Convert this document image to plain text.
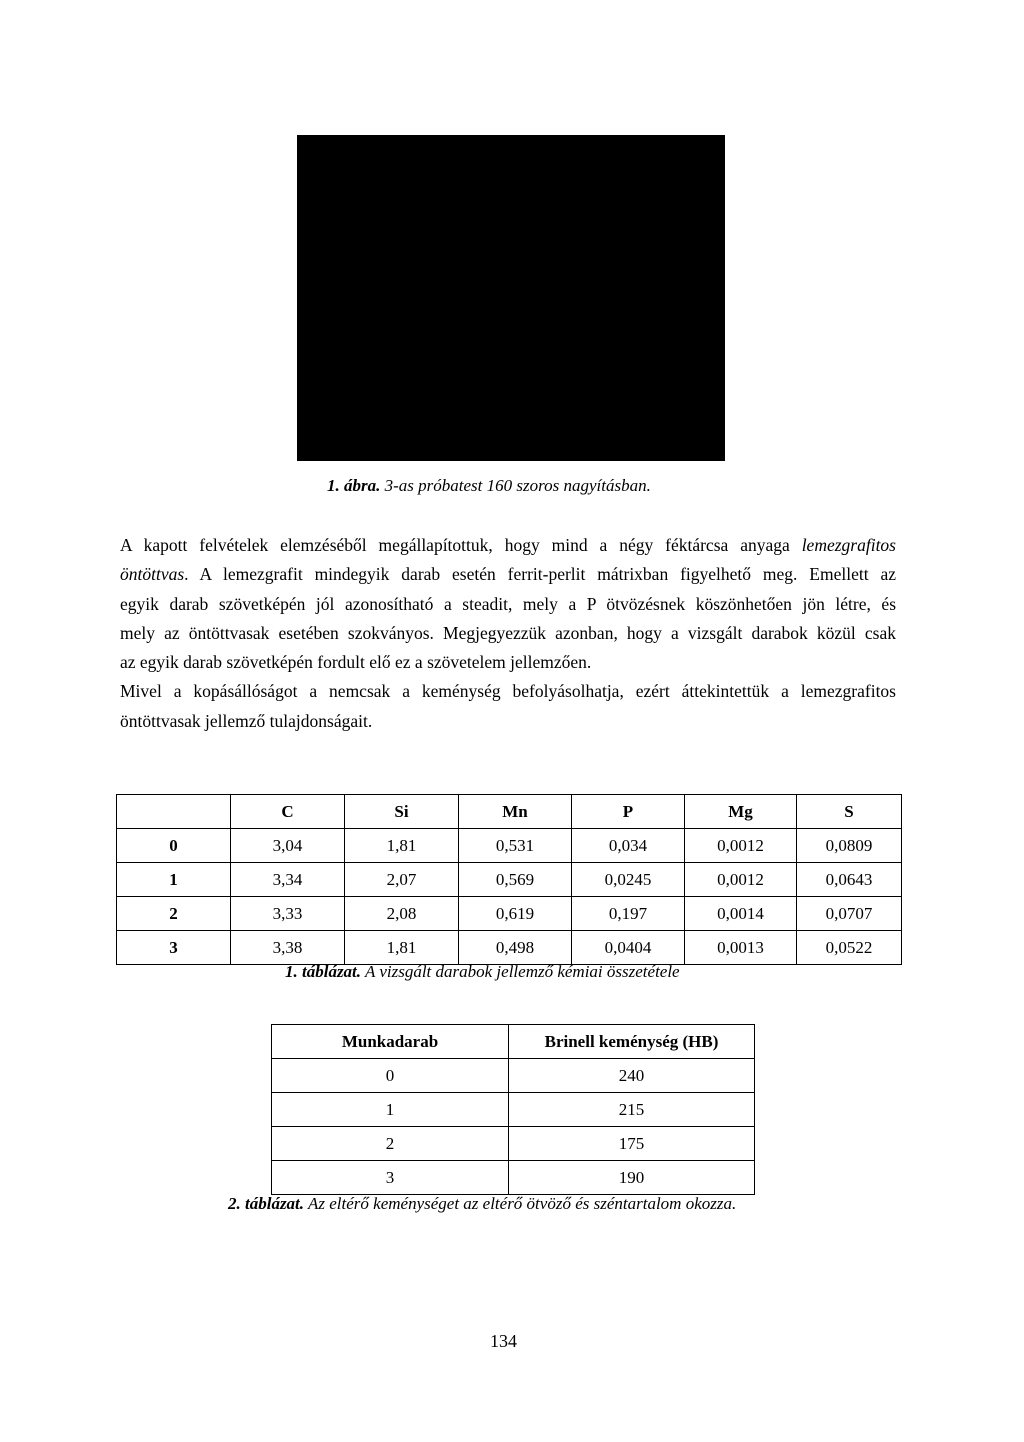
1. ábra. 3-as próbatest 160 szoros nagyításban.

A kapott felvételek elemzéséből megállapítottuk, hogy mind a négy féktárcsa anyaga lemezgrafitos
öntöttvas. A lemezgrafit mindegyik darab esetén ferrit-perlit mátrixban figyelhető meg. Emellett az
egyik darab szövetképén jól azonosítható a steadit, mely a P ötvözésnek köszönhetően jön létre, és
mely az öntöttvasak esetében szokványos. Megjegyezzük azonban, hogy a vizsgált darabok közül csak
az egyik darab szövetképén fordult elő ez a szövetelem jellemzően.

Mivel a kopásállóságot a nemcsak a keménység befolyásolhatja, ezért áttekintettük a lemezgrafitos
öntöttvasak jellemző tulajdonságait.

	C	Si	Mn	P	Mg	S
0	3,04	1,81	0,531	0,034	0,0012	0,0809
1	3,34	2,07	0,569	0,0245	0,0012	0,0643
2	3,33	2,08	0,619	0,197	0,0014	0,0707
3	3,38	1,81	0,498	0,0404	0,0013	0,0522
1. táblázat. A vizsgált darabok jellemző kémiai összetétele
Munkadarab	Brinell keménység (HB)
0	240
1	215
2	175
3	190
2. táblázat. Az eltérő keménységet az eltérő ötvöző és széntartalom okozza.
134
